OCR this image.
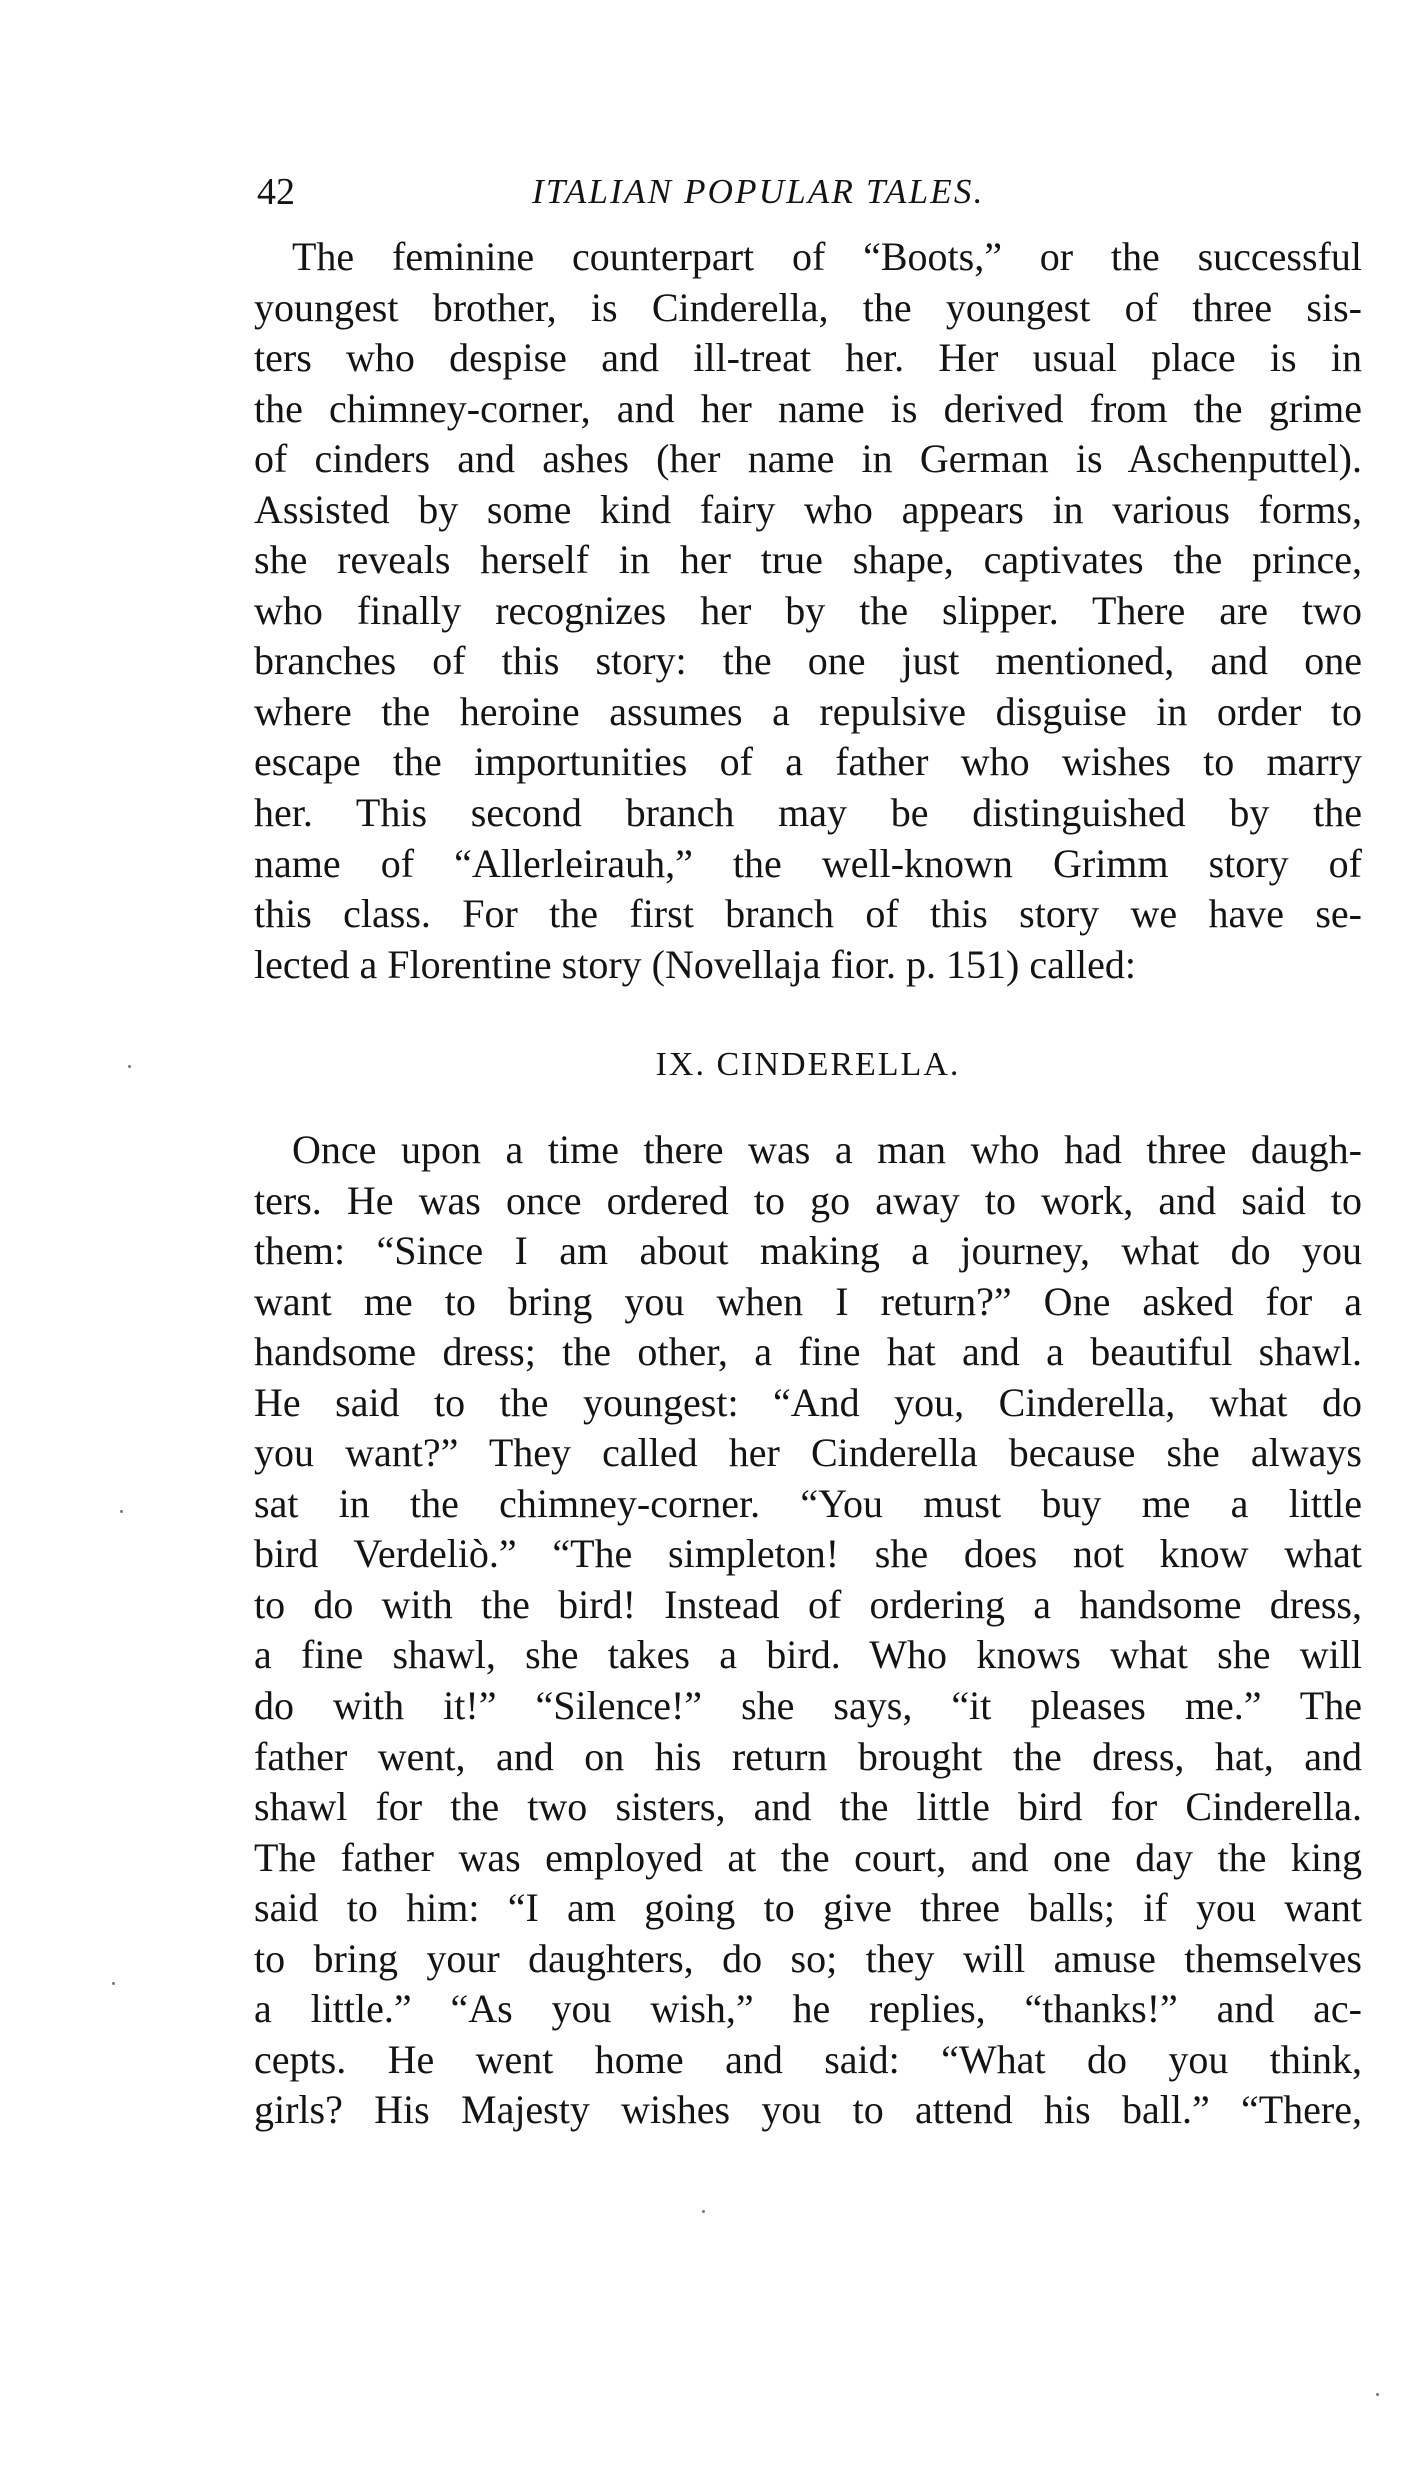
42	ITALIAN POPULAR TALES.
The feminine counterpart of “Boots,” or the successful
youngest brother, is Cinderella, the youngest of three sis-
ters who despise and ill-treat her. Her usual place is in
the chimney-corner, and her name is derived from the grime
of cinders and ashes (her name in German is Aschenputtel).
Assisted by some kind fairy who appears in various forms,
she reveals herself in her true shape, captivates the prince,
who finally recognizes her by the slipper. There are two
branches of this story: the one just mentioned, and one
where the heroine assumes a repulsive disguise in order to
escape the importunities of a father who wishes to marry
her. This second branch may be distinguished by the
name of “Allerleirauh,” the well-known Grimm story of
this class. For the first branch of this story we have se-
lected a Florentine story (Novellaja fior. p. 151) called:
IX. CINDERELLA.
Once upon a time there was a man who had three daugh-
ters. He was once ordered to go away to work, and said to
them: “Since I am about making a journey, what do you
want me to bring you when I return?” One asked for a
handsome dress; the other, a fine hat and a beautiful shawl.
He said to the youngest: “And you, Cinderella, what do
you want?” They called her Cinderella because she always
sat in the chimney-corner. “You must buy me a little
bird Verdeliò.” “The simpleton! she does not know what
to do with the bird! Instead of ordering a handsome dress,
a fine shawl, she takes a bird. Who knows what she will
do with it!” “Silence!” she says, “it pleases me.” The
father went, and on his return brought the dress, hat, and
shawl for the two sisters, and the little bird for Cinderella.
The father was employed at the court, and one day the king
said to him: “I am going to give three balls; if you want
to bring your daughters, do so; they will amuse themselves
a little.” “As you wish,” he replies, “thanks!” and ac-
cepts. He went home and said: “What do you think,
girls? His Majesty wishes you to attend his ball.” “There,
